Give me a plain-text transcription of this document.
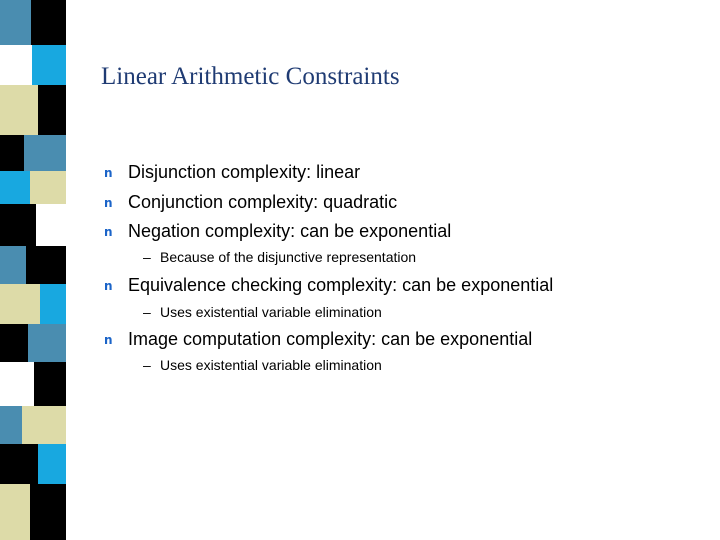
Linear Arithmetic Constraints
n Disjunction complexity: linear
n Conjunction complexity: quadratic
n Negation complexity: can be exponential
– Because of the disjunctive representation
n Equivalence checking complexity: can be exponential
– Uses existential variable elimination
n Image computation complexity: can be exponential
– Uses existential variable elimination
